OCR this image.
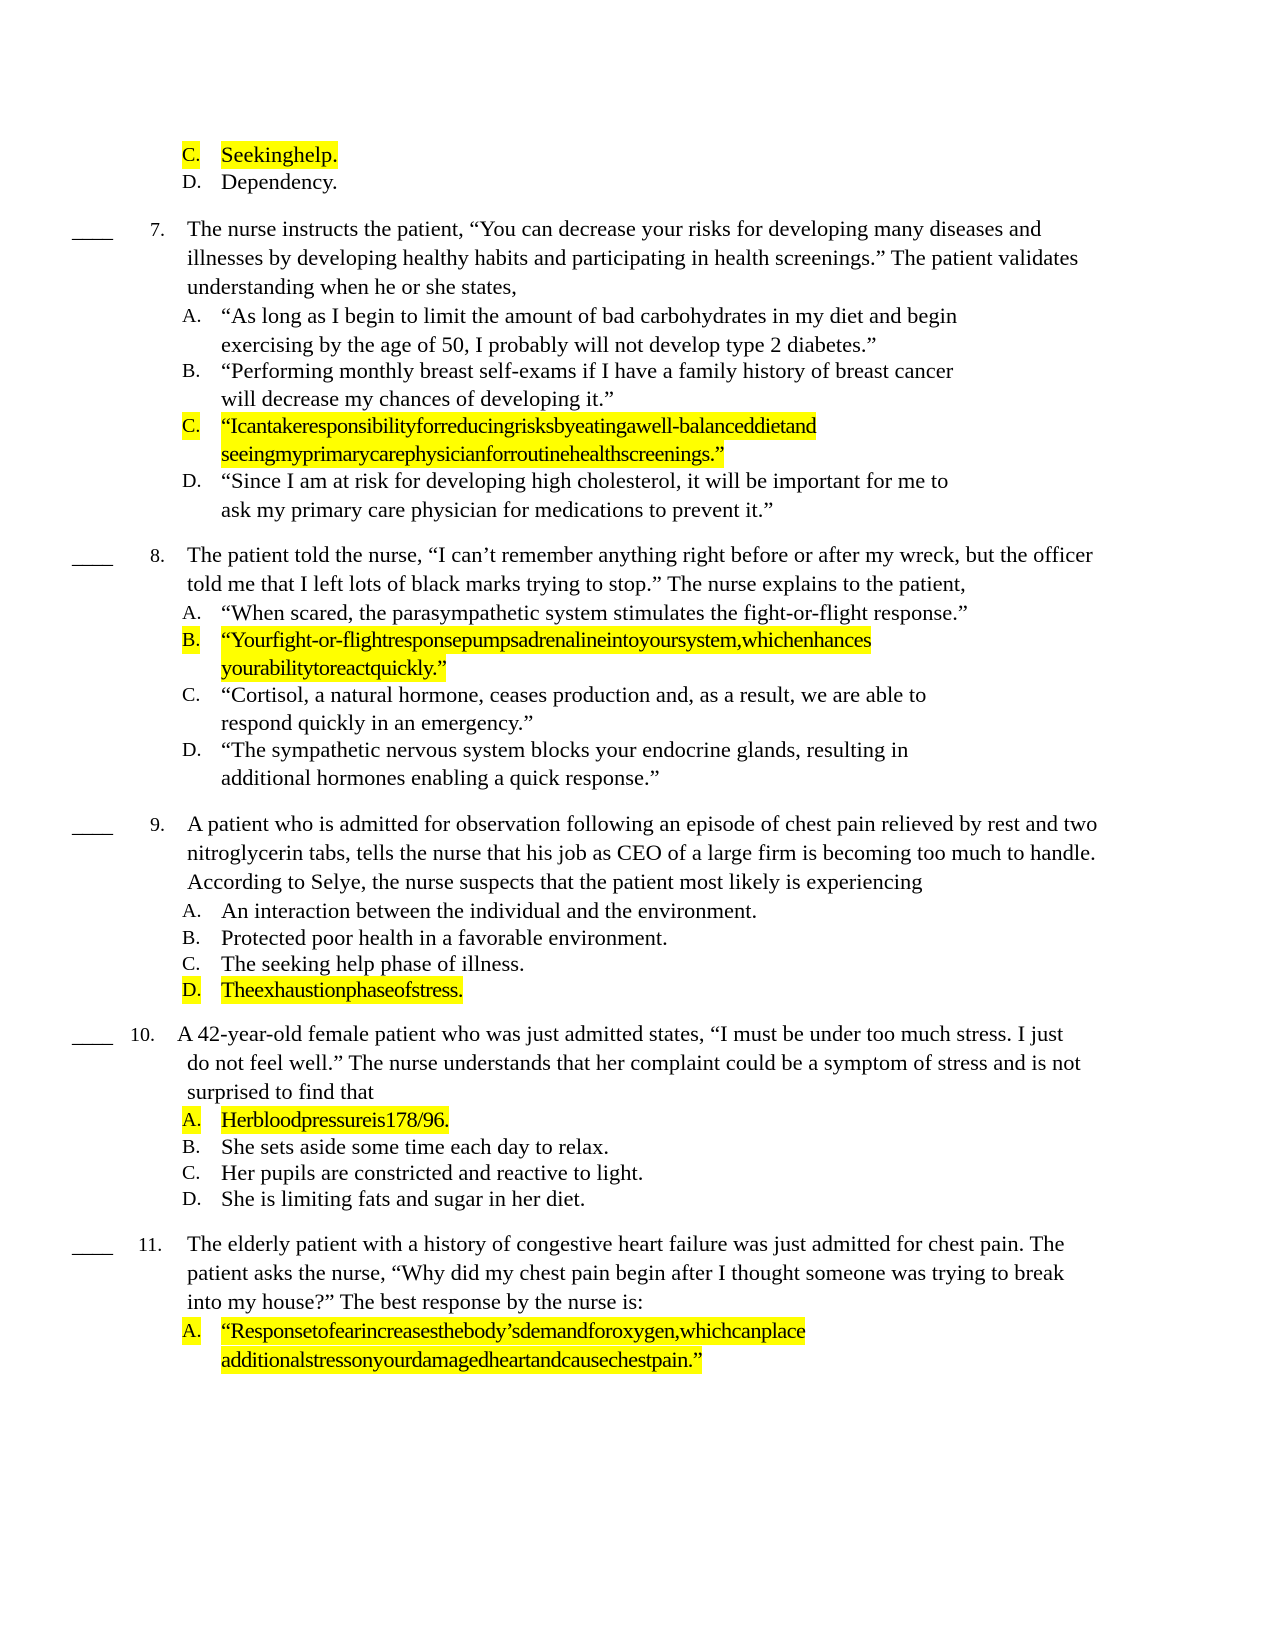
C. Seekinghelp.
D. Dependency.
____ 7. The nurse instructs the patient, “You can decrease your risks for developing many diseases and
illnesses by developing healthy habits and participating in health screenings.” The patient validates
understanding when he or she states,
A. “As long as I begin to limit the amount of bad carbohydrates in my diet and begin
exercising by the age of 50, I probably will not develop type 2 diabetes.”
B. “Performing monthly breast self-exams if I have a family history of breast cancer
will decrease my chances of developing it.”
C. “Icantakeresponsibilityforreducingrisksbyeatingawell-balanceddietand
seeingmyprimarycarephysicianforroutinehealthscreenings.”
D. “Since I am at risk for developing high cholesterol, it will be important for me to
ask my primary care physician for medications to prevent it.”
____ 8. The patient told the nurse, “I can’t remember anything right before or after my wreck, but the officer
told me that I left lots of black marks trying to stop.” The nurse explains to the patient,
A. “When scared, the parasympathetic system stimulates the fight-or-flight response.”
B. “Yourfight-or-flightresponsepumpsadrenalineintoyoursystem,whichenhances
yourabilitytoreactquickly.”
C. “Cortisol, a natural hormone, ceases production and, as a result, we are able to
respond quickly in an emergency.”
D. “The sympathetic nervous system blocks your endocrine glands, resulting in
additional hormones enabling a quick response.”
____ 9. A patient who is admitted for observation following an episode of chest pain relieved by rest and two
nitroglycerin tabs, tells the nurse that his job as CEO of a large firm is becoming too much to handle.
According to Selye, the nurse suspects that the patient most likely is experiencing
A. An interaction between the individual and the environment.
B. Protected poor health in a favorable environment.
C. The seeking help phase of illness.
D. Theexhaustionphaseofstress.
____ 10. A 42-year-old female patient who was just admitted states, “I must be under too much stress. I just
do not feel well.” The nurse understands that her complaint could be a symptom of stress and is not
surprised to find that
A. Herbloodpressureis178/96.
B. She sets aside some time each day to relax.
C. Her pupils are constricted and reactive to light.
D. She is limiting fats and sugar in her diet.
____ 11. The elderly patient with a history of congestive heart failure was just admitted for chest pain. The
patient asks the nurse, “Why did my chest pain begin after I thought someone was trying to break
into my house?” The best response by the nurse is:
A. “Responsetofearincreasesthebody’sdemandforoxygen,whichcanplace
additionalstressonyourdamagedheartandcausechestpain.”
